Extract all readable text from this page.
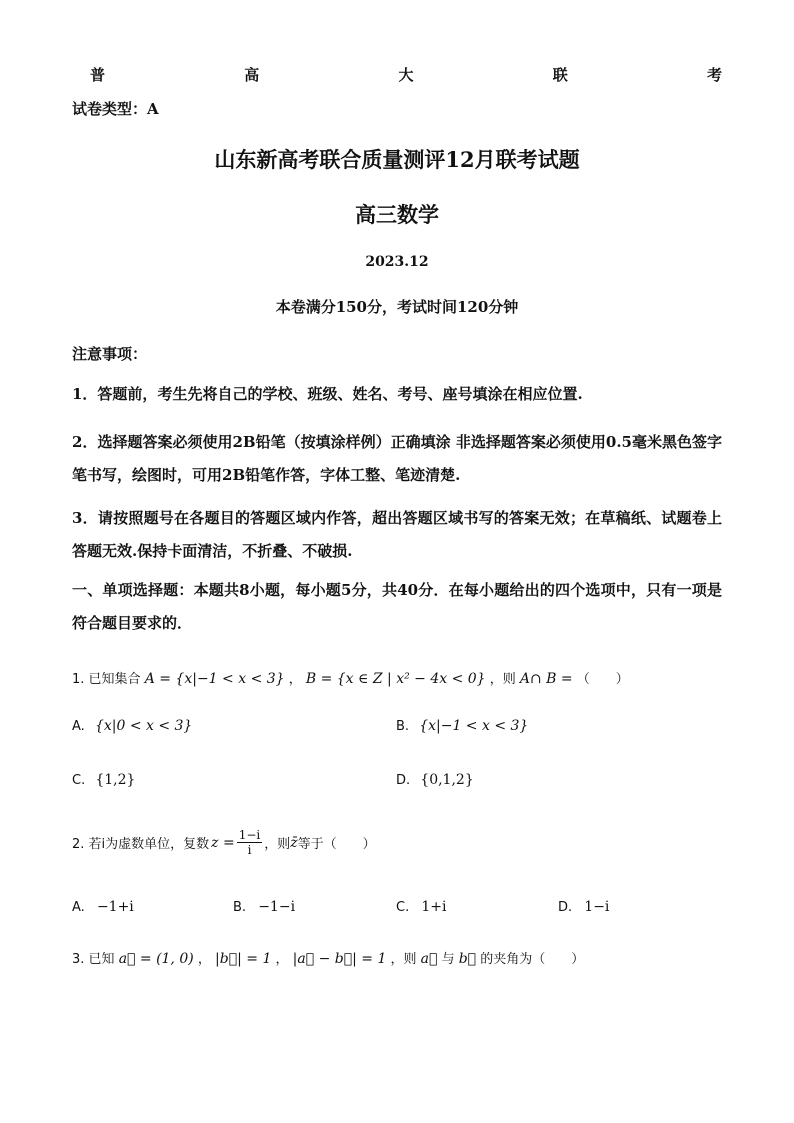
普	高	大	联	考
试卷类型：A
山东新高考联合质量测评12月联考试题
高三数学
2023.12
本卷满分150分，考试时间120分钟
注意事项：
1．答题前，考生先将自己的学校、班级、姓名、考号、座号填涂在相应位置.
2．选择题答案必须使用2B铅笔（按填涂样例）正确填涂 非选择题答案必须使用0.5毫米黑色签字笔书写，绘图时，可用2B铅笔作答，字体工整、笔迹清楚.
3．请按照题号在各题目的答题区域内作答，超出答题区域书写的答案无效；在草稿纸、试题卷上答题无效.保持卡面清洁，不折叠、不破损.
一、单项选择题：本题共8小题，每小题5分，共40分．在每小题给出的四个选项中，只有一项是符合题目要求的．
1. 已知集合 A = {x|−1 < x < 3} ， B = {x ∈ Z | x² − 4x < 0} ，则 A∩ B = （　　）
A. {x|0 < x < 3}	B. {x|−1 < x < 3}
C. {1,2}	D. {0,1,2}
2. 若i为虚数单位，复数 $z = \frac{1-i}{i}$ ，则 z̄ 等于（　　）
A. −1+i	B. −1−i	C. 1+i	D. 1−i
3. 已知 a⃗ = (1, 0) ， |b⃗| = 1 ， |a⃗ − b⃗| = 1 ，则 a⃗ 与 b⃗ 的夹角为（　　）
